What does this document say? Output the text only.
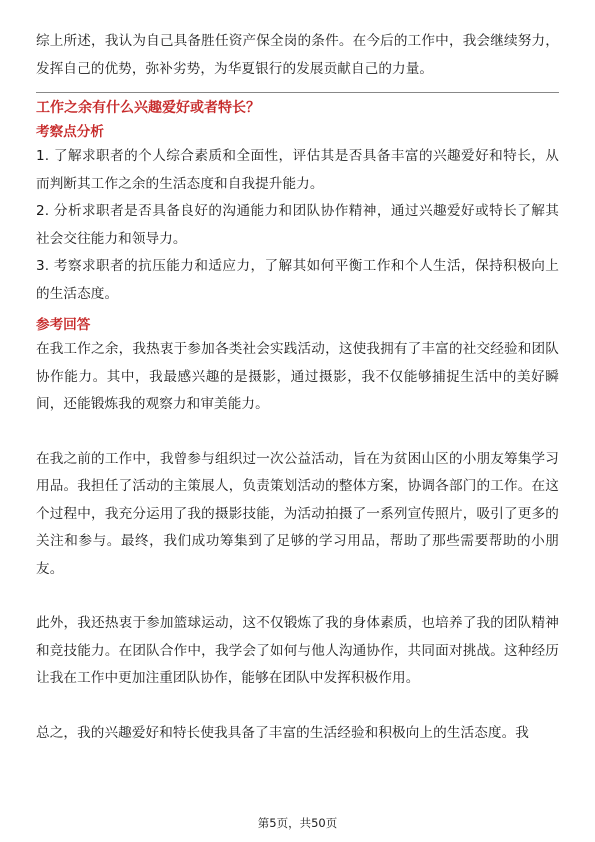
综上所述，我认为自己具备胜任资产保全岗的条件。在今后的工作中，我会继续努力，发挥自己的优势，弥补劣势，为华夏银行的发展贡献自己的力量。

工作之余有什么兴趣爱好或者特长？
考察点分析

1. 了解求职者的个人综合素质和全面性，评估其是否具备丰富的兴趣爱好和特长，从而判断其工作之余的生活态度和自我提升能力。

2. 分析求职者是否具备良好的沟通能力和团队协作精神，通过兴趣爱好或特长了解其社会交往能力和领导力。

3. 考察求职者的抗压能力和适应力，了解其如何平衡工作和个人生活，保持积极向上的生活态度。

参考回答

在我工作之余，我热衷于参加各类社会实践活动，这使我拥有了丰富的社交经验和团队协作能力。其中，我最感兴趣的是摄影，通过摄影，我不仅能够捕捉生活中的美好瞬间，还能锻炼我的观察力和审美能力。

在我之前的工作中，我曾参与组织过一次公益活动，旨在为贫困山区的小朋友筹集学习用品。我担任了活动的主策展人，负责策划活动的整体方案，协调各部门的工作。在这个过程中，我充分运用了我的摄影技能，为活动拍摄了一系列宣传照片，吸引了更多的关注和参与。最终，我们成功筹集到了足够的学习用品，帮助了那些需要帮助的小朋友。

此外，我还热衷于参加篮球运动，这不仅锻炼了我的身体素质，也培养了我的团队精神和竞技能力。在团队合作中，我学会了如何与他人沟通协作，共同面对挑战。这种经历让我在工作中更加注重团队协作，能够在团队中发挥积极作用。

总之，我的兴趣爱好和特长使我具备了丰富的生活经验和积极向上的生活态度。我

第5页，共50页
